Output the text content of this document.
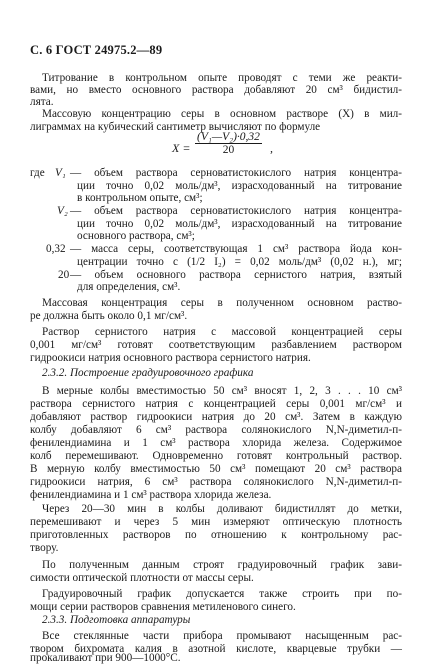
С. 6 ГОСТ 24975.2—89
Титрование в контрольном опыте проводят с теми же реакти-
вами, но вместо основного раствора добавляют 20 см³ бидистил-
лята.
Массовую концентрацию серы в основном растворе (X) в мил-
лиграммах на кубический сантиметр вычисляют по формуле
$X = \frac{\text{(V₁—V₂)·0,32}}{20}$ ,
где V₁ — объем раствора серноватистокислого натрия концентра-
ции точно 0,02 моль/дм³, израсходованный на титрование
в контрольном опыте, см³;
V₂ — объем раствора серноватистокислого натрия концентра-
ции точно 0,02 моль/дм³, израсходованный на титрование
основного раствора, см³;
0,32 — масса серы, соответствующая 1 см³ раствора йода кон-
центрации точно с (1/2 I₂) = 0,02 моль/дм³ (0,02 н.), мг;
20 — объем основного раствора сернистого натрия, взятый
для определения, см³.
Массовая концентрация серы в полученном основном раство-
ре должна быть около 0,1 мг/см³.
Раствор сернистого натрия с массовой концентрацией серы
0,001 мг/см³ готовят соответствующим разбавлением раствором
гидроокиси натрия основного раствора сернистого натрия.
2.3.2. Построение градуировочного графика
В мерные колбы вместимостью 50 см³ вносят 1, 2, 3 . . . 10 см³
раствора сернистого натрия с концентрацией серы 0,001 мг/см³ и
добавляют раствор гидроокиси натрия до 20 см³. Затем в каждую
колбу добавляют 6 см³ раствора солянокислого N,N-диметил-п-
фенилендиамина и 1 см³ раствора хлорида железа. Содержимое
колб перемешивают. Одновременно готовят контрольный раствор.
В мерную колбу вместимостью 50 см³ помещают 20 см³ раствора
гидроокиси натрия, 6 см³ раствора солянокислого N,N-диметил-п-
фенилендиамина и 1 см³ раствора хлорида железа.
Через 20—30 мин в колбы доливают бидистиллят до метки,
перемешивают и через 5 мин измеряют оптическую плотность
приготовленных растворов по отношению к контрольному рас-
твору.
По полученным данным строят градуировочный график зави-
симости оптической плотности от массы серы.
Градуировочный график допускается также строить при по-
мощи серии растворов сравнения метиленового синего.
2.3.3. Подготовка аппаратуры
Все стеклянные части прибора промывают насыщенным рас-
твором бихромата калия в азотной кислоте, кварцевые трубки —
прокаливают при 900—1000°С.
